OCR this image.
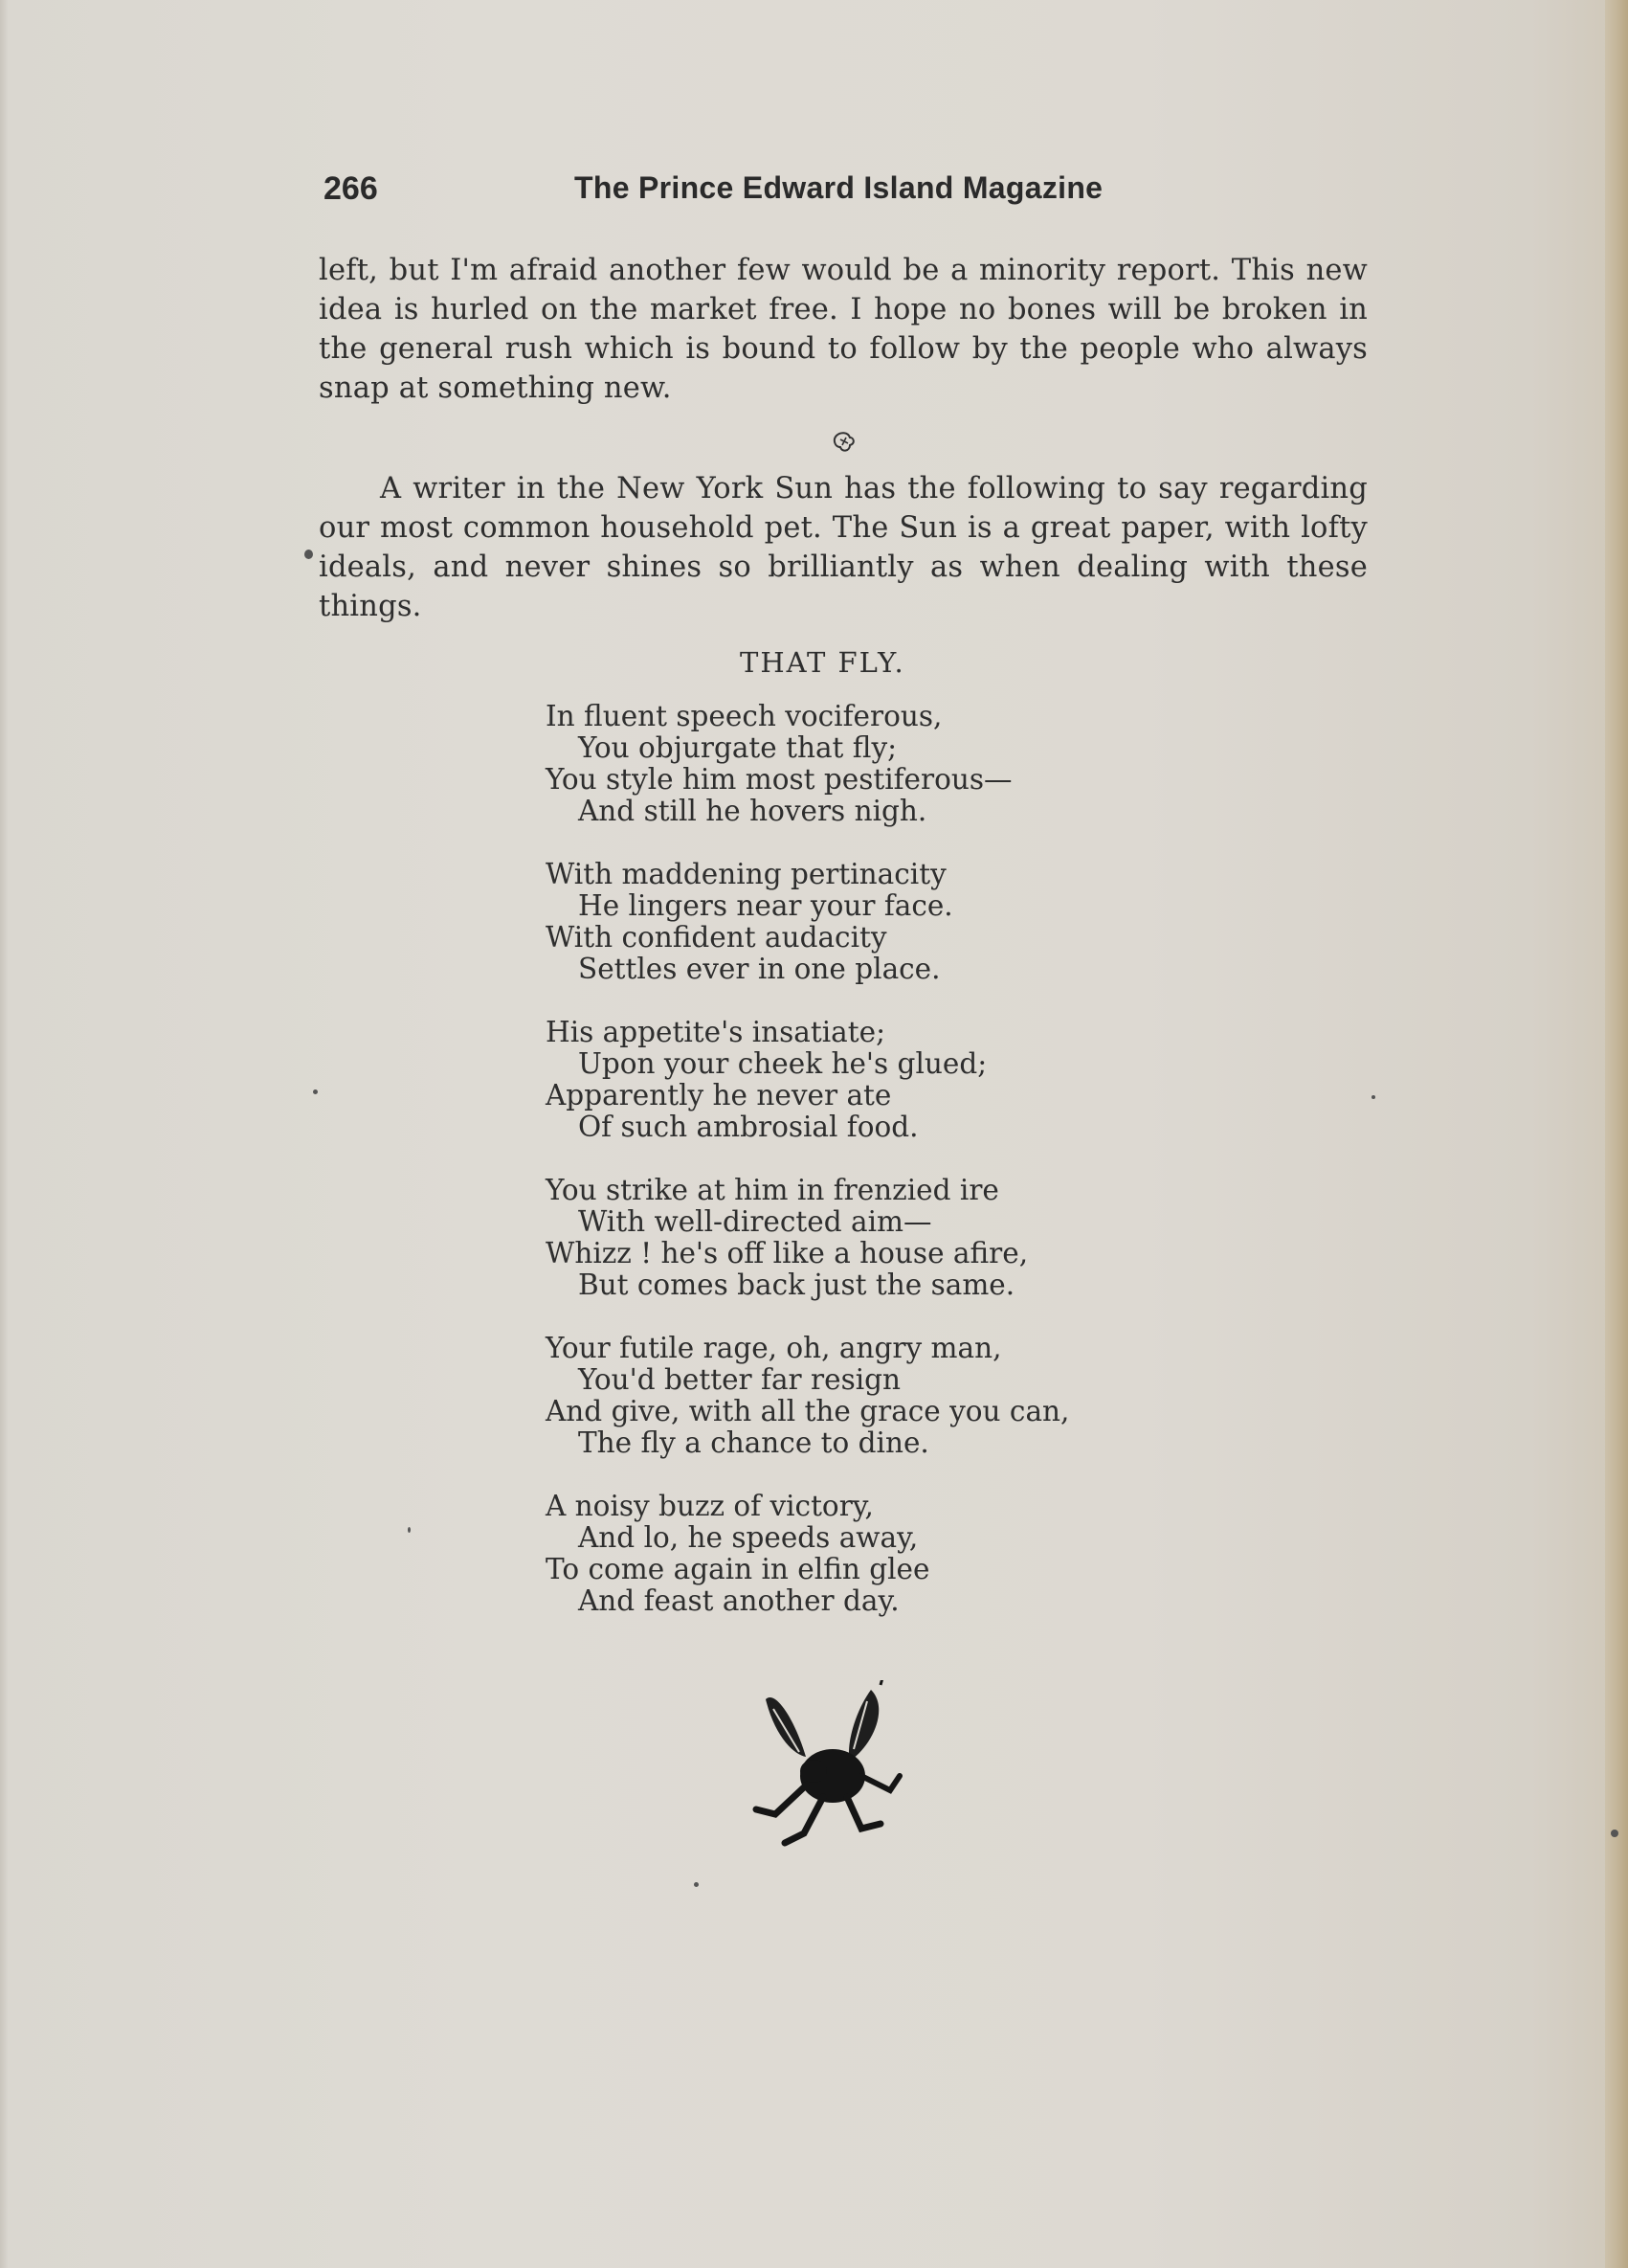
266	The Prince Edward Island Magazine

left, but I'm afraid another few would be a minority report. This new idea is hurled on the market free. I hope no bones will be broken in the general rush which is bound to follow by the people who always snap at something new.

A writer in the New York Sun has the following to say regarding our most common household pet. The Sun is a great paper, with lofty ideals, and never shines so brilliantly as when dealing with these things.

THAT FLY.
In fluent speech vociferous,
You objurgate that fly;
You style him most pestiferous—
And still he hovers nigh.
With maddening pertinacity
He lingers near your face.
With confident audacity
Settles ever in one place.
His appetite's insatiate;
Upon your cheek he's glued;
Apparently he never ate
Of such ambrosial food.
You strike at him in frenzied ire
With well-directed aim—
Whizz ! he's off like a house afire,
But comes back just the same.
Your futile rage, oh, angry man,
You'd better far resign
And give, with all the grace you can,
The fly a chance to dine.
A noisy buzz of victory,
And lo, he speeds away,
To come again in elfin glee
And feast another day.
